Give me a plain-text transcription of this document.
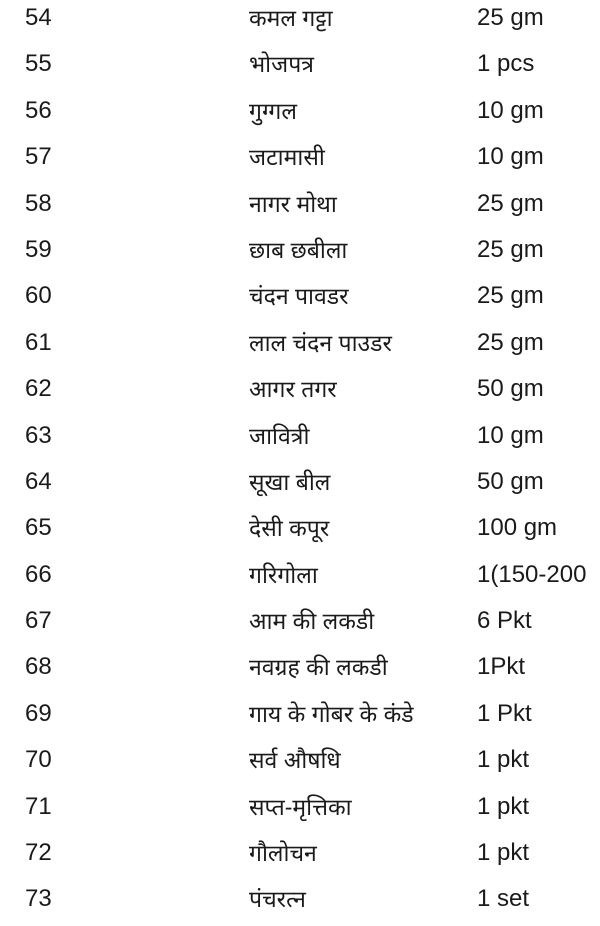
54	कमल गट्टा	25 gm
55	भोजपत्र	1 pcs
56	गुग्गल	10 gm
57	जटामासी	10 gm
58	नागर मोथा	25 gm
59	छाब छबीला	25 gm
60	चंदन पावडर	25 gm
61	लाल चंदन पाउडर	25 gm
62	आगर तगर	50 gm
63	जावित्री	10 gm
64	सूखा बील	50 gm
65	देसी कपूर	100 gm
66	गरिगोला	1(150-200
67	आम की लकडी	6 Pkt
68	नवग्रह की लकडी	1Pkt
69	गाय के गोबर के कंडे	1 Pkt
70	सर्व औषधि	1 pkt
71	सप्त-मृत्तिका	1 pkt
72	गौलोचन	1 pkt
73	पंचरत्न	1 set
